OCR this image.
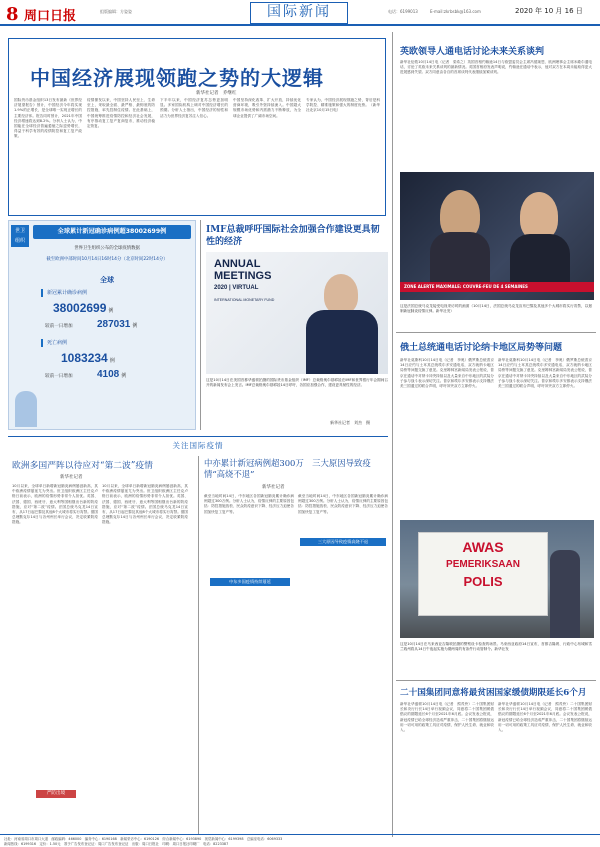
8 周口日报	组版编辑：方姿姿	国际新闻	电话：6199013	E-mail:zkrbsbk@163.com	2020 年 10 月 16 日
中国经济展现领跑之势的大逻辑
新华社记者　乔继红
国际货币基金组织13日发布最新《世界经济展望报告》预计，中国经济今年将实现1.9%的正增长，是全球唯一实现正增长的主要经济体。报告同时预计，2021年中国经济增速将达到8.2%。分析人士认为，中国能在全球经济普遍萎缩之际逆势增长，得益于科学有效的疫情防控和复工复产政策。
疫情暴发以来，中国坚持人民至上、生命至上，采取最全面、最严格、最彻底的防控措施，率先控制住疫情。在此基础上，中国统筹推进疫情防控和经济社会发展，有序推动复工复产复商复市，推动经济稳定恢复。
下半年以来，中国经济复苏态势更加明显。多家国际机构上调对中国经济增长的预期。分析人士指出，中国经济的韧性和活力为世界经济复苏注入信心。
中国坚持深化改革、扩大开放，持续优化营商环境，吸引外资持续流入。中国超大规模市场优势和内需潜力不断释放，为全球企业提供了广阔市场空间。
专家认为，中国经济展现领跑之势，背后是科学防控、精准施策和强大的制度优势。（新华社北京10月15日电）
英欧领导人通电话讨论未来关系谈判
新华社伦敦10月14日电（记者　梁希之）英国首相约翰逊14日与欧盟委员会主席冯德莱恩、欧洲理事会主席米歇尔通电话，讨论了英欧未来关系谈判的最新情况。英国首相府发表声明说，约翰逊在通话中表示，他对双方在本周未能取得更大进展感到失望。双方同意由各自的首席谈判代表继续加紧谈判。
ZONE ALERTE MAXIMALE: COUVRE-FEU DE 4 SEMAINES
这是法国总统马克龙接受电视采访时的画面（10月14日，法国总统马克龙宣布巴黎及其他多个大城市将实行宵禁，以遏制新冠肺炎疫情反弹。新华社发）
俄土总统通电话讨论纳卡地区局势等问题
新华社莫斯科10月14日电（记者　李奥）俄罗斯总统普京14日应约与土耳其总统埃尔多安通电话，双方就纳卡地区局势等问题交换了意见。克里姆林宫新闻局发表公报说，普京在通话中对纳卡冲突持续以及大量来自中东地区的武装分子参与战斗表示深切关注。普京和埃尔多安都表示支持俄法美三国通过的联合声明，呼吁冲突双方立即停火。
新华社莫斯科10月14日电（记者　李奥）俄罗斯总统普京14日应约与土耳其总统埃尔多安通电话，双方就纳卡地区局势等问题交换了意见。克里姆林宫新闻局发表公报说，普京在通话中对纳卡冲突持续以及大量来自中东地区的武装分子参与战斗表示深切关注。普京和埃尔多安都表示支持俄法美三国通过的联合声明，呼吁冲突双方立即停火。
AWAS
PEMERIKSAAN
POLIS
这是10月14日在马来西亚吉隆坡拍摄的警察设卡检查的场景。马来西亚政府14日宣布，首都吉隆坡、行政中心布城和雪兰莪州将从14日午夜起实施为期两周的有条件行动管制令。新华社发
二十国集团同意将最贫困国家缓债期限延长6个月
新华社华盛顿10月14日电（记者　熊茂伶）二十国集团财长和央行行长14日举行视频会议，同意将二十国集团缓债倡议的期限延长6个月至2021年6月底。会议发表公报说，新冠疫情已给全球经济造成严重冲击，二十国集团将继续运用一切可用的政策工具应对疫情，保护人民生命、就业和收入。
新华社华盛顿10月14日电（记者　熊茂伶）二十国集团财长和央行行长14日举行视频会议，同意将二十国集团缓债倡议的期限延长6个月至2021年6月底。会议发表公报说，新冠疫情已给全球经济造成严重冲击，二十国集团将继续运用一切可用的政策工具应对疫情，保护人民生命、就业和收入。
世卫
组织
全球累计新冠确诊病例超38002699例
世界卫生组织公布的全球疫情数据
截至欧洲中部时间10月14日16时14分（北京时间22时14分）
全球
新冠累计确诊病例
38002699 例
较前一日增加 287031 例
死亡病例
1083234 例
较前一日增加 4108 例
IMF总裁呼吁国际社会加强合作建设更具韧性的经济
ANNUAL
MEETINGS
2020 | VIRTUAL
INTERNATIONAL MONETARY FUND
这是10月14日在美国首都华盛顿拍摄的国际货币基金组织（IMF）总裁格奥尔基耶娃在IMF和世界银行年会期间召开的新闻发布会上发言。IMF总裁格奥尔基耶娃14日呼吁，各国应加强合作，建设更具韧性的经济。
新华社记者　刘杰　摄
关注国际疫情
欧洲多国严阵以待应对“第二波”疫情
新华社记者
10月以来，全球单日新增新冠肺炎病例屡创新高，其中欧洲疫情蔓延尤为突出。世卫组织欧洲区主任克卢格日前表示，欧洲的疫情形势非常令人担忧。英国、法国、德国、西班牙、意大利等国相继出台新的防疫措施，应对“第二波”疫情。法国总统马克龙14日宣布，从17日起巴黎及其他8个大城市将实行宵禁。德国总理默克尔14日与各州州长举行会议，决定收紧防疫措施。
10月以来，全球单日新增新冠肺炎病例屡创新高，其中欧洲疫情蔓延尤为突出。世卫组织欧洲区主任克卢格日前表示，欧洲的疫情形势非常令人担忧。英国、法国、德国、西班牙、意大利等国相继出台新的防疫措施，应对“第二波”疫情。法国总统马克龙14日宣布，从17日起巴黎及其他8个大城市将实行宵禁。德国总理默克尔14日与各州州长举行会议，决定收紧防疫措施。
严防出境
中亦累计新冠病例超300万　三大原因导致疫情“高烧不退”
新华社记者
截至当地时间14日，中东地区各国新冠肺炎累计确诊病例超过300万例。分析人士认为，疫情反弹的主要原因包括：防控措施放松、民众防疫意识下降、经济压力迫使各国加快复工复产等。
截至当地时间14日，中东地区各国新冠肺炎累计确诊病例超过300万例。分析人士认为，疫情反弹的主要原因包括：防控措施放松、民众防疫意识下降、经济压力迫使各国加快复工复产等。
三大原因导致疫情高烧不退
中东多国疫情持续蔓延
社址：河南省周口市周口大道　邮政编码：466000　编务中心：6190168　新闻采访中心：6190126　综合新闻中心：6193890　视觉新闻中心：6199398　总编室电话：6069333
新闻热线：6199316　定价：1.50元　准予广告发布登记证：周口广告发布登记证　出版：周口日报社　印刷：周口日报社印刷厂　电话：8223387
